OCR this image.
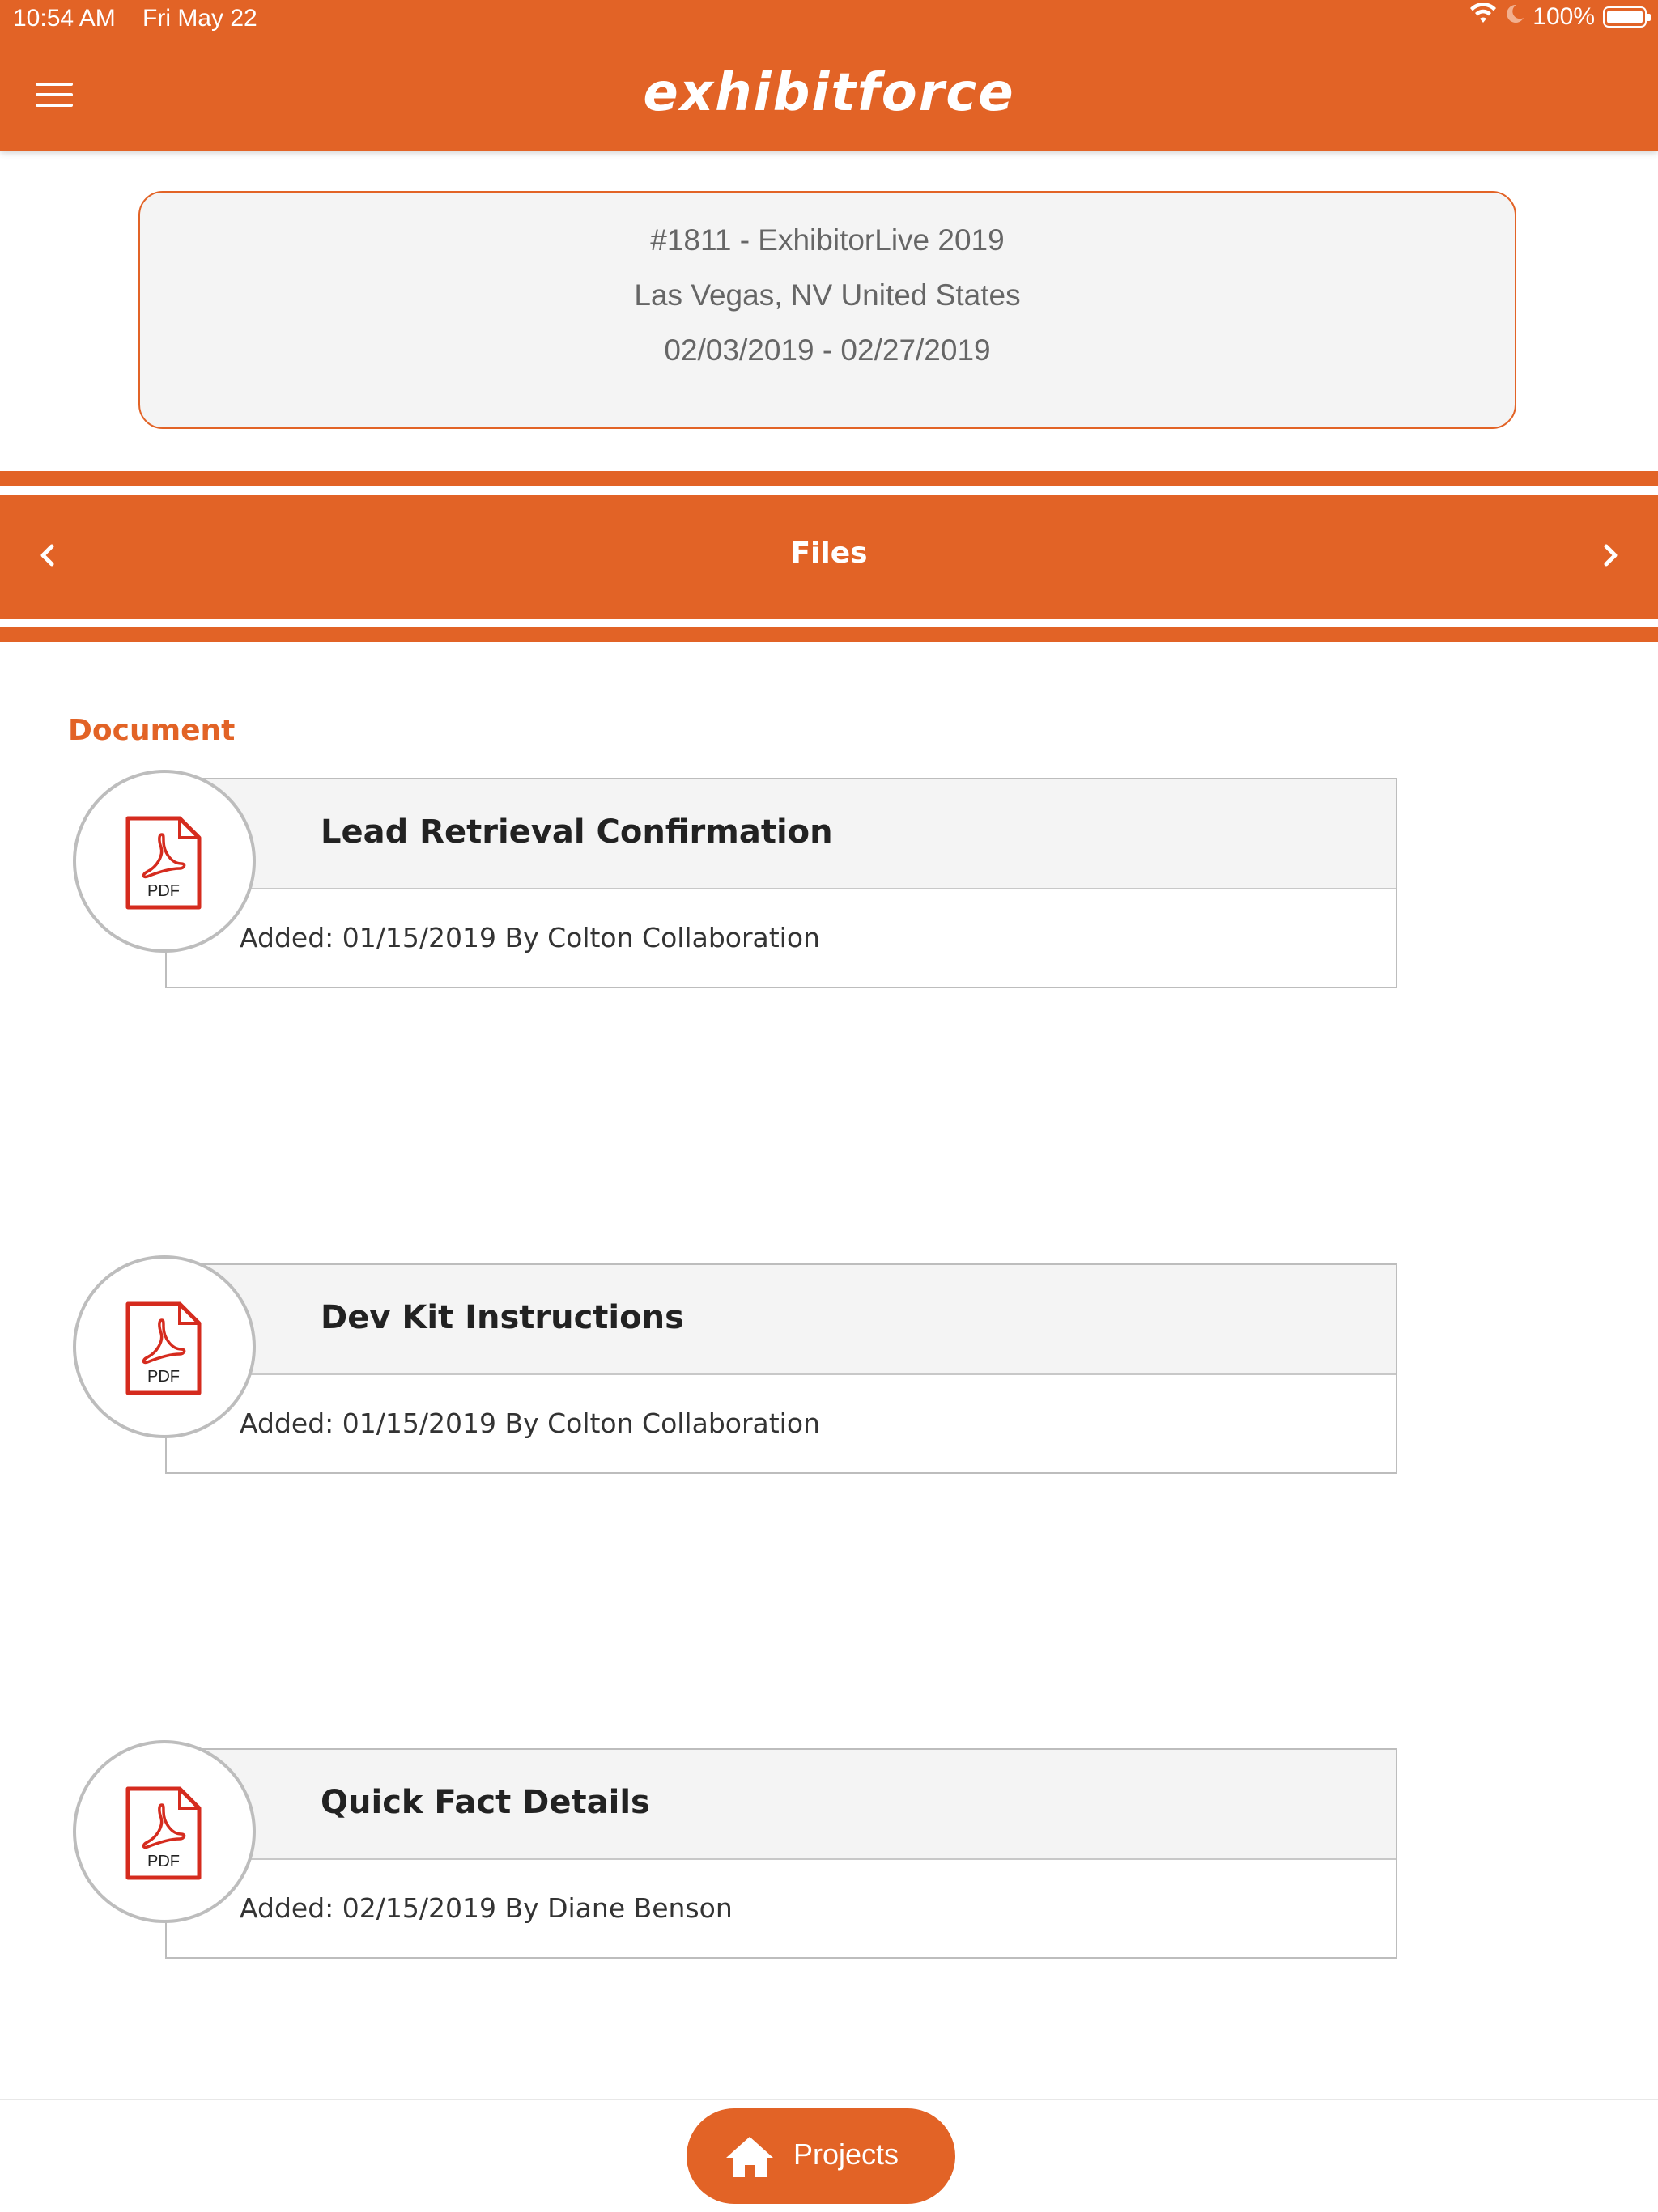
10:54 AM Fri May 22	100%
exhibitforce
#1811 - ExhibitorLive 2019
Las Vegas, NV United States
02/03/2019 - 02/27/2019
Files
Document
Lead Retrieval Confirmation
Added: 01/15/2019 By Colton Collaboration
PDF
Dev Kit Instructions
Added: 01/15/2019 By Colton Collaboration
PDF
Quick Fact Details
Added: 02/15/2019 By Diane Benson
PDF
Projects
